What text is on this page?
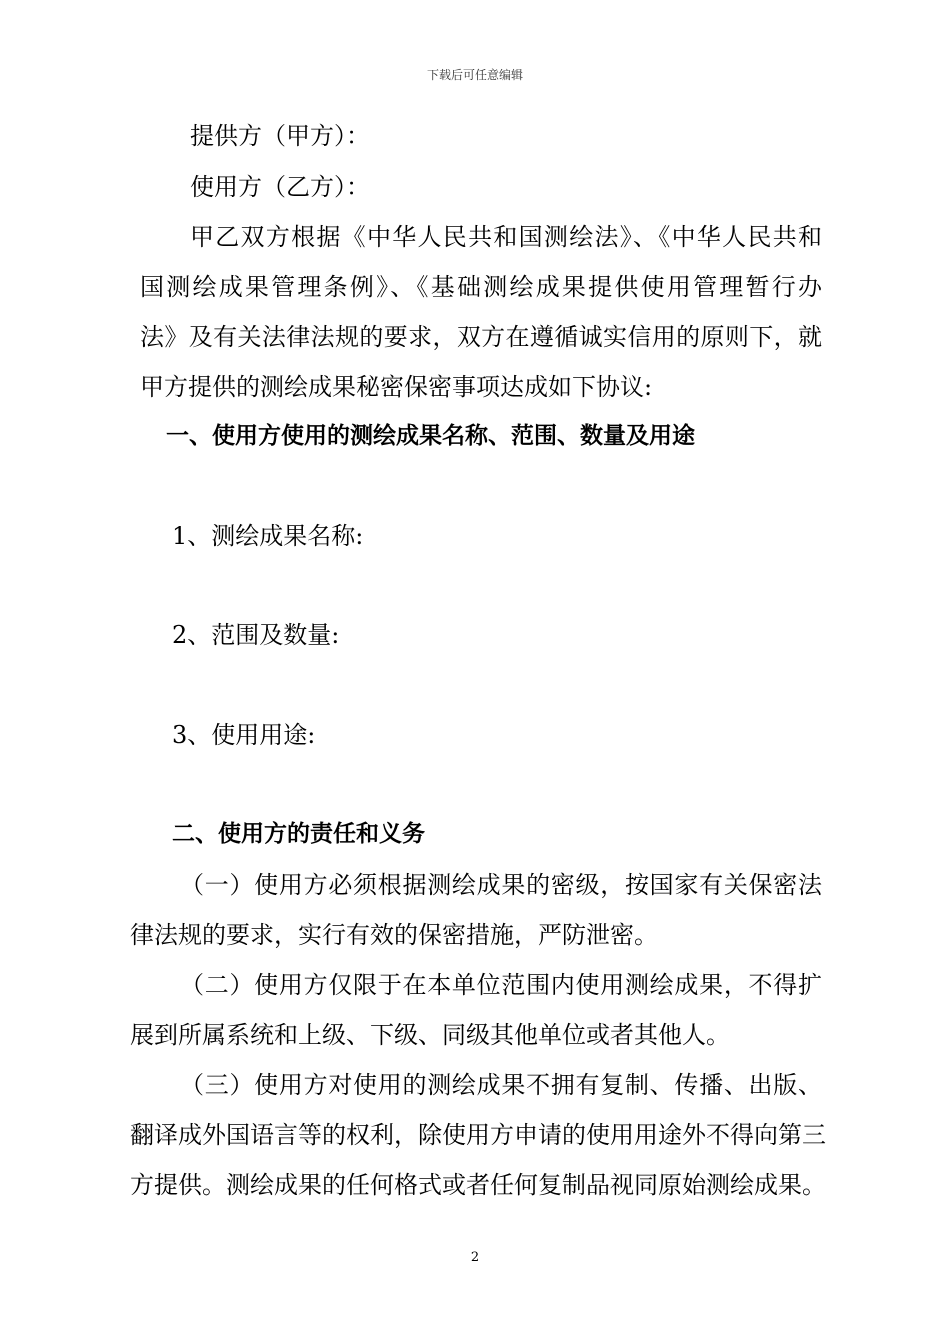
下载后可任意编辑
提供方（甲方）：
使用方（乙方）：
甲乙双方根据《中华人民共和国测绘法》、《中华人民共和
国测绘成果管理条例》、《基础测绘成果提供使用管理暂行办
法》及有关法律法规的要求，双方在遵循诚实信用的原则下，就
甲方提供的测绘成果秘密保密事项达成如下协议:
一、使用方使用的测绘成果名称、范围、数量及用途
1、测绘成果名称:
2、范围及数量:
3、使用用途:
二、使用方的责任和义务
（一）使用方必须根据测绘成果的密级，按国家有关保密法
律法规的要求，实行有效的保密措施，严防泄密。
（二）使用方仅限于在本单位范围内使用测绘成果，不得扩
展到所属系统和上级、下级、同级其他单位或者其他人。
（三）使用方对使用的测绘成果不拥有复制、传播、出版、
翻译成外国语言等的权利，除使用方申请的使用用途外不得向第三
方提供。测绘成果的任何格式或者任何复制品视同原始测绘成果。
2
